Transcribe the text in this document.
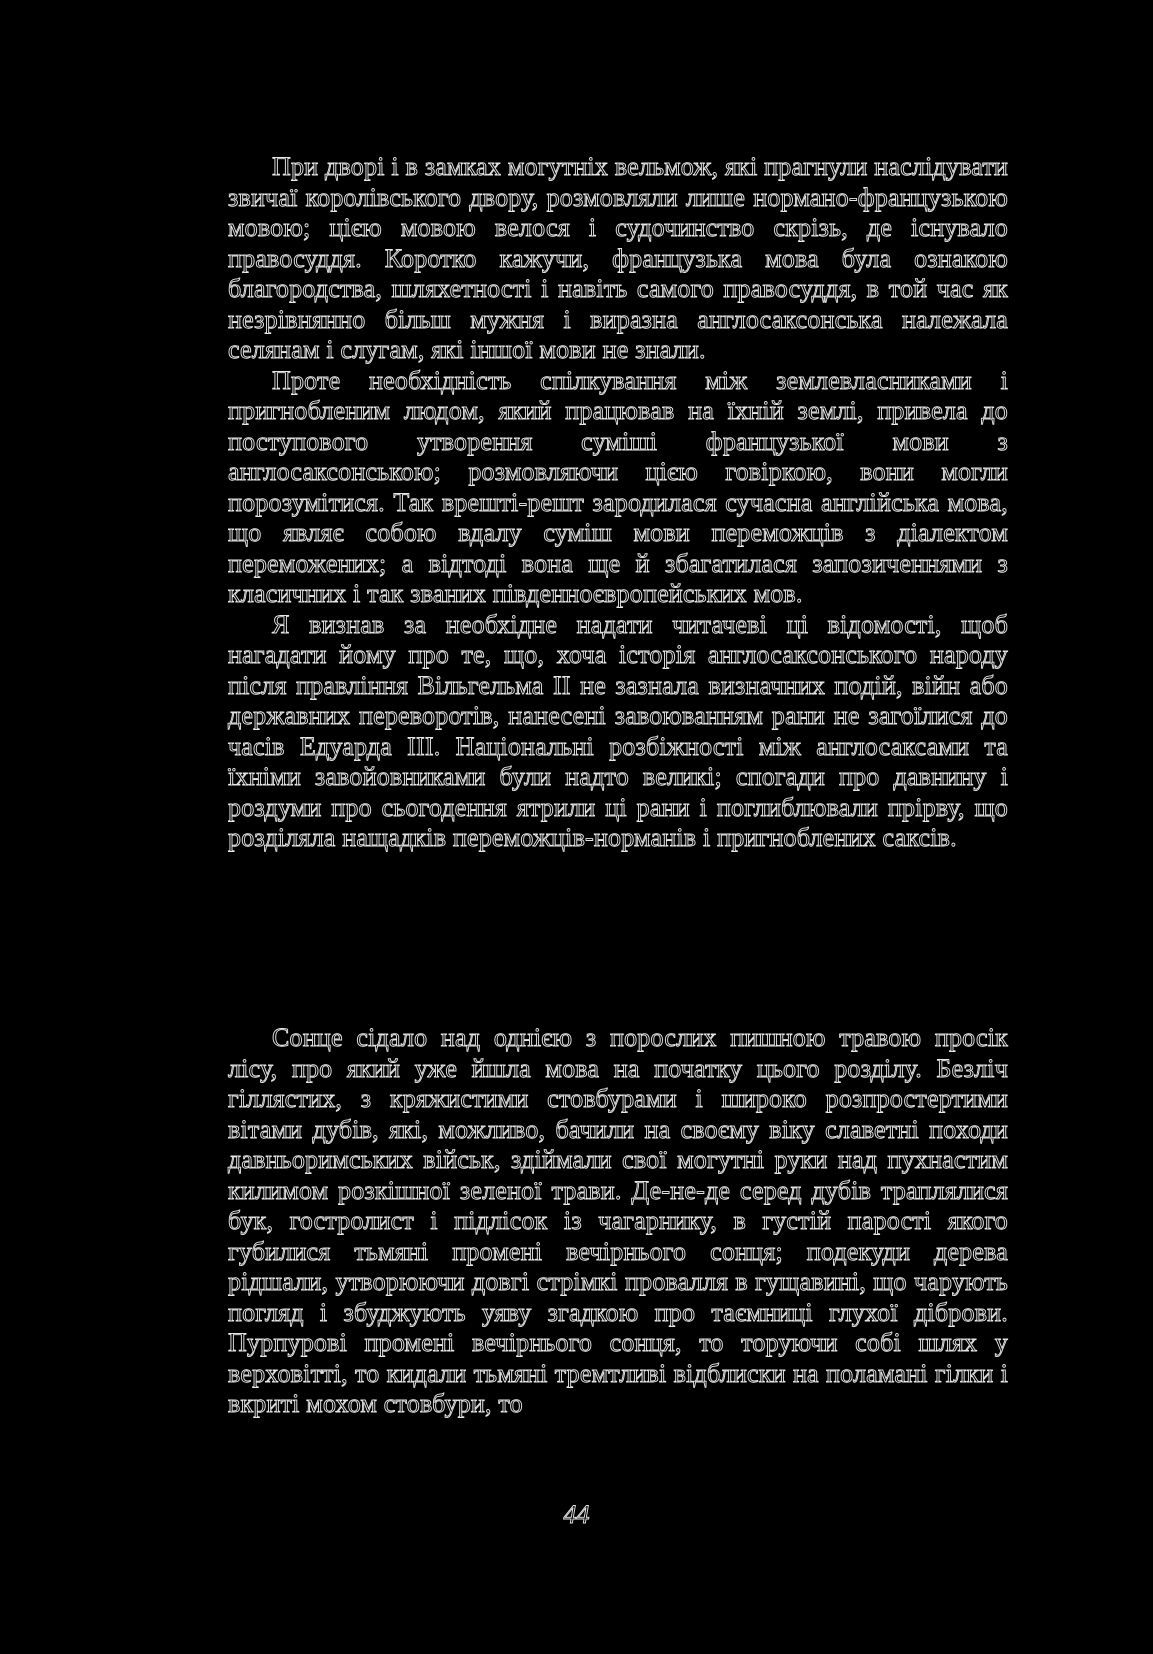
При дворі і в замках могутніх вельмож, які прагнули наслідувати звичаї королівського двору, розмовляли лише нормано-французькою мовою; цією мовою велося і судочинство скрізь, де існувало правосуддя. Коротко кажучи, французька мова була ознакою благородства, шляхетності і навіть самого правосуддя, в той час як незрівнянно більш мужня і виразна англосаксонська належала селянам і слугам, які іншої мови не знали.

Проте необхідність спілкування між землевласниками і пригнобленим людом, який працював на їхній землі, привела до поступового утворення суміші французької мови з англосаксонською; розмовляючи цією говіркою, вони могли порозумітися. Так врешті-решт зародилася сучасна англійська мова, що являє собою вдалу суміш мови переможців з діалектом переможених; а відтоді вона ще й збагатилася запозиченнями з класичних і так званих південноєвропейських мов.

Я визнав за необхідне надати читачеві ці відомості, щоб нагадати йому про те, що, хоча історія англосаксонського народу після правління Вільгельма II не зазнала визначних подій, війн або державних переворотів, нанесені завоюванням рани не загоїлися до часів Едуарда III. Національні розбіжності між англосаксами та їхніми завойовниками були надто великі; спогади про давнину і роздуми про сьогодення ятрили ці рани і поглиблювали прірву, що розділяла нащадків переможців-норманів і пригноблених саксів.

Сонце сідало над однією з порослих пишною травою просік лісу, про який уже йшла мова на початку цього розділу. Безліч гіллястих, з кряжистими стовбурами і широко розпростертими вітами дубів, які, можливо, бачили на своєму віку славетні походи давньоримських військ, здіймали свої могутні руки над пухнастим килимом розкішної зеленої трави. Де-не-де серед дубів траплялися бук, гостролист і підлісок із чагарнику, в густій парості якого губилися тьмяні промені вечірнього сонця; подекуди дерева рідшали, утворюючи довгі стрімкі провалля в гущавині, що чарують погляд і збуджують уяву згадкою про таємниці глухої діброви. Пурпурові промені вечірнього сонця, то торуючи собі шлях у верховітті, то кидали тьмяні тремтливі відблиски на поламані гілки і вкриті мохом стовбури, то

44
